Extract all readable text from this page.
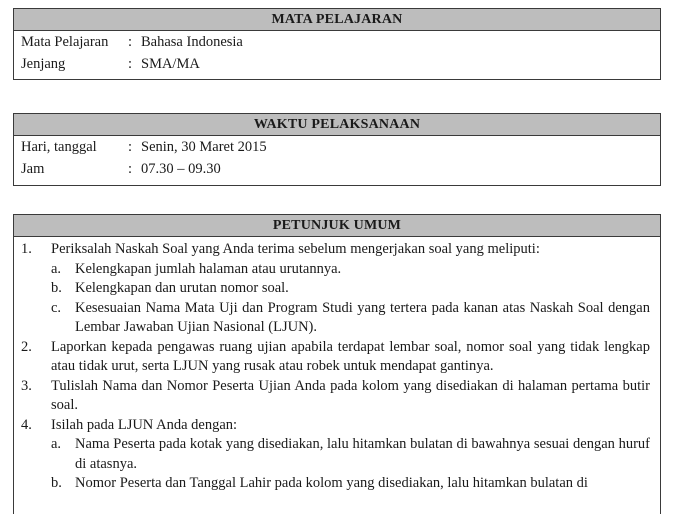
MATA PELAJARAN
Mata Pelajaran : Bahasa Indonesia
Jenjang	: SMA/MA
WAKTU PELAKSANAAN
Hari, tanggal : Senin, 30 Maret 2015
Jam	: 07.30 – 09.30
PETUNJUK UMUM
1. Periksalah Naskah Soal yang Anda terima sebelum mengerjakan soal yang meliputi:
a. Kelengkapan jumlah halaman atau urutannya.
b. Kelengkapan dan urutan nomor soal.
c. Kesesuaian Nama Mata Uji dan Program Studi yang tertera pada kanan atas Naskah Soal dengan Lembar Jawaban Ujian Nasional (LJUN).
2. Laporkan kepada pengawas ruang ujian apabila terdapat lembar soal, nomor soal yang tidak lengkap atau tidak urut, serta LJUN yang rusak atau robek untuk mendapat gantinya.
3. Tulislah Nama dan Nomor Peserta Ujian Anda pada kolom yang disediakan di halaman pertama butir soal.
4. Isilah pada LJUN Anda dengan:
a. Nama Peserta pada kotak yang disediakan, lalu hitamkan bulatan di bawahnya sesuai dengan huruf di atasnya.
b. Nomor Peserta dan Tanggal Lahir pada kolom yang disediakan, lalu hitamkan bulatan di
